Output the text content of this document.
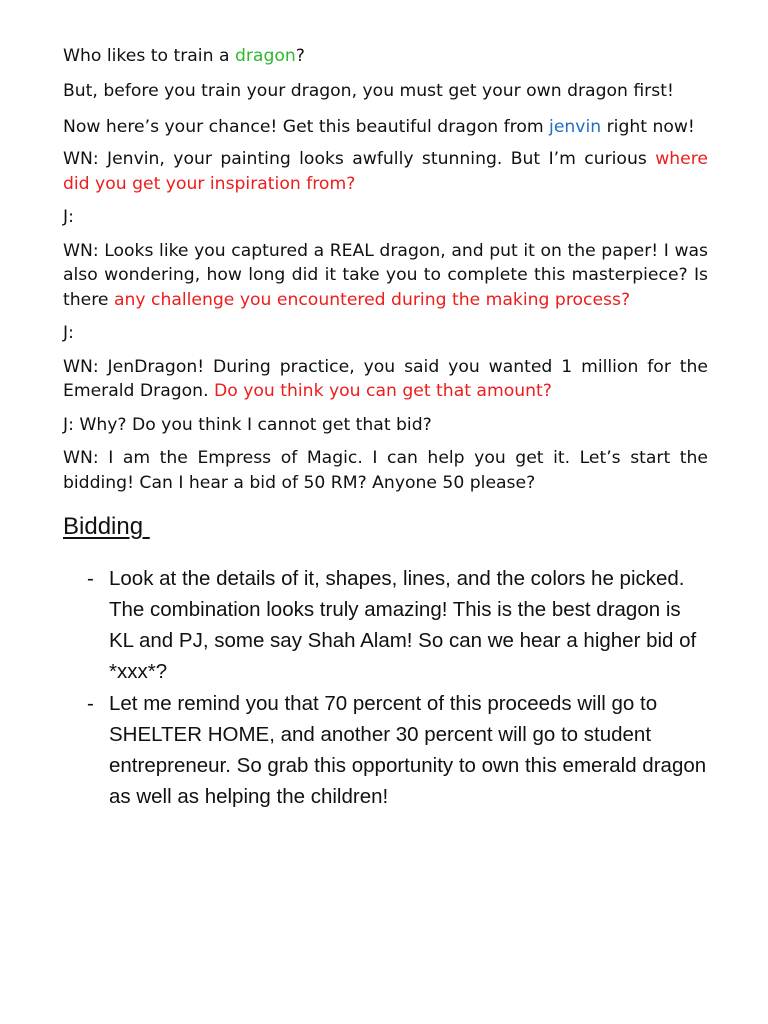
Who likes to train a dragon?

But, before you train your dragon, you must get your own dragon first!

Now here’s your chance! Get this beautiful dragon from jenvin right now!

WN: Jenvin, your painting looks awfully stunning. But I’m curious where did you get your inspiration from?

J:

WN: Looks like you captured a REAL dragon, and put it on the paper! I was also wondering, how long did it take you to complete this masterpiece? Is there any challenge you encountered during the making process?

J:

WN: JenDragon! During practice, you said you wanted 1 million for the Emerald Dragon. Do you think you can get that amount?

J: Why? Do you think I cannot get that bid?

WN: I am the Empress of Magic. I can help you get it. Let’s start the bidding! Can I hear a bid of 50 RM? Anyone 50 please?

Bidding
- Look at the details of it, shapes, lines, and the colors he picked. The combination looks truly amazing! This is the best dragon is KL and PJ, some say Shah Alam! So can we hear a higher bid of *xxx*?
- Let me remind you that 70 percent of this proceeds will go to SHELTER HOME, and another 30 percent will go to student entrepreneur. So grab this opportunity to own this emerald dragon as well as helping the children!
